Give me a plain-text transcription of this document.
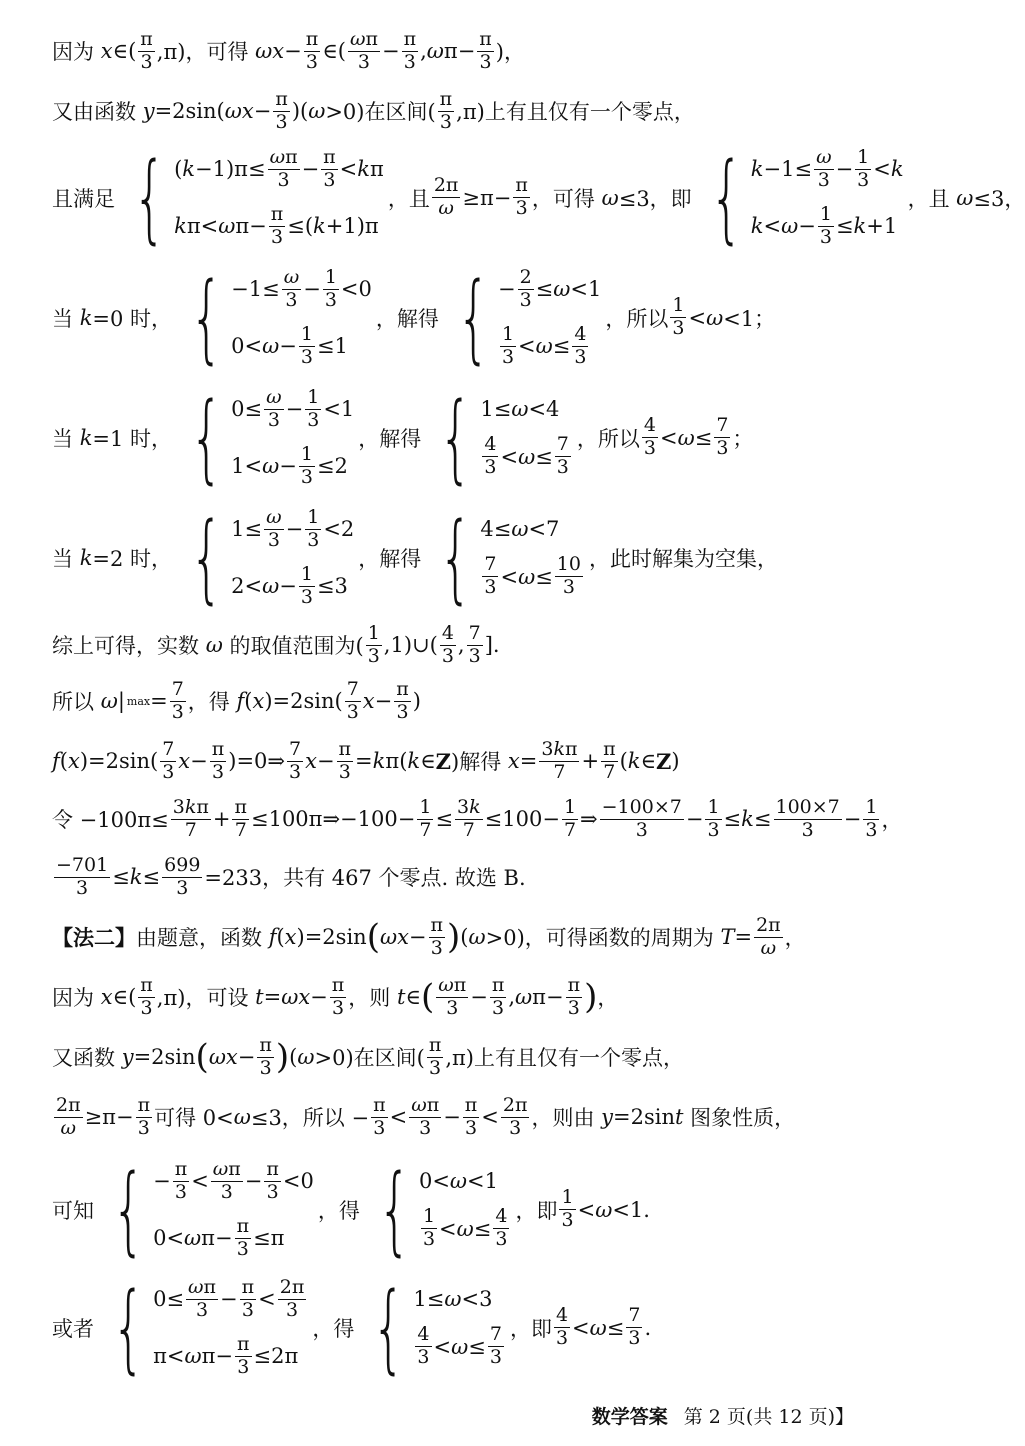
因为 x ∈( $\frac{\pi}{3} ,\pi$)，可得 $\omega x - \frac{\pi}{3}$ ∈( $\frac{\omega\pi}{3} - \frac{\pi}{3}$ , ω $\pi- \frac{\pi}{3}$ )，
又由函数 y =2sin( $\omega x - \frac{\pi}{3}$ )( ω >0)在区间( $\frac{\pi}{3} ,\pi$)上有且仅有一个零点，
且满足 { ( $k -1)\pi\le \frac{\omega\pi}{3} - \frac{\pi}{3} < k$ π
k π< ω $\pi- \frac{\pi}{3}$ ≤( k +1)π
，且 $\frac{2\pi}{\omega} \ge\pi- \frac{\pi}{3}$ ，可得 ω ≤3，即 { $k -1\le \frac{\omega}{3} - \frac{1}{3} < k$
$k < \omega - \frac{1}{3} \le k +1$
，且 ω ≤3，
当 k =0 时， { $-1\le \frac{\omega}{3} - \frac{1}{3} <0$
$0< \omega - \frac{1}{3} \le 1$
，解得 { − $\frac{2}{3} \le \omega <1$
$\frac{1}{3} < \omega \le \frac{4}{3}$
，所以 $\frac{1}{3} < \omega <1$；
当 k =1 时， { $0\le \frac{\omega}{3} - \frac{1}{3} <1$
$1< \omega - \frac{1}{3} \le 2$
，解得 { 1≤ ω <4
$\frac{4}{3} < \omega \le \frac{7}{3}$ ，所以 $\frac{4}{3} < \omega \le \frac{7}{3}$ ；
当 k =2 时， { $1\le \frac{\omega}{3} - \frac{1}{3} <2$
$2< \omega - \frac{1}{3} \le 3$
，解得 { 4≤ ω <7
$\frac{7}{3} < \omega \le \frac{10}{3}$ ，此时解集为空集，
综上可得，实数 ω 的取值范围为( $\frac{1}{3}$ ,1)∪( $\frac{4}{3}$ , $\frac{7}{3}$ ].
所以 ω | $\max = \frac{7}{3}$ ，得 f ( x )$=2\sin( \frac{7}{3}$ $x - \frac{\pi}{3}$ )
f ( x )$=2\sin( \frac{7}{3}$ $x - \frac{\pi}{3}$ )=0⇒ $\frac{7}{3}$ $x - \frac{\pi}{3} = k$ π( k ∈ Z )解得 $x = \frac{3k\pi}{7} + \frac{\pi}{7}$ ( k ∈ Z )
令 $-100\pi\le \frac{3k\pi}{7} + \frac{\pi}{7}$ ≤100π⇒−100− $\frac{1}{7} \le \frac{3k}{7} \le 100- \frac{1}{7}$ ⇒ $\frac{-100\times 7}{3} - \frac{1}{3} \le k \le \frac{100\times 7}{3} - \frac{1}{3}$ ，
$\frac{-701}{3} \le k \le \frac{699}{3} =233$，共有 467 个零点. 故选 B.
【法二】 由题意，函数 f ( x )=2sin ( $\omega x - \frac{\pi}{3}$ ) ( ω >0)，可得函数的周期为 $T = \frac{2\pi}{\omega}$ ，
因为 x ∈( $\frac{\pi}{3} ,\pi$)，可设 $t = \omega x - \frac{\pi}{3}$ ，则 t ∈ ( $\frac{\omega\pi}{3} - \frac{\pi}{3}$ , ω $\pi- \frac{\pi}{3}$ ) ，
又函数 y =2sin ( $\omega x - \frac{\pi}{3}$ ) ( ω >0)在区间( $\frac{\pi}{3} ,\pi$)上有且仅有一个零点，
$\frac{2\pi}{\omega} \ge\pi- \frac{\pi}{3}$ 可得 0< ω ≤3，所以 − $\frac{\pi}{3} < \frac{\omega\pi}{3} - \frac{\pi}{3} < \frac{2\pi}{3}$ ，则由 y =2sin t 图象性质，
可知 { − $\frac{\pi}{3} < \frac{\omega\pi}{3} - \frac{\pi}{3} <0$
0< ω $\pi- \frac{\pi}{3} \le\pi$
，得 { 0< ω <1
$\frac{1}{3} < \omega \le \frac{4}{3}$ ，即 $\frac{1}{3} < \omega <1$.
或者 { $0\le \frac{\omega\pi}{3} - \frac{\pi}{3} < \frac{2\pi}{3}$
π< ω $\pi- \frac{\pi}{3} \le 2\pi$
，得 { 1≤ ω <3
$\frac{4}{3} < \omega \le \frac{7}{3}$ ，即 $\frac{4}{3} < \omega \le \frac{7}{3}$ .
数学答案 第 2 页(共 12 页)】
